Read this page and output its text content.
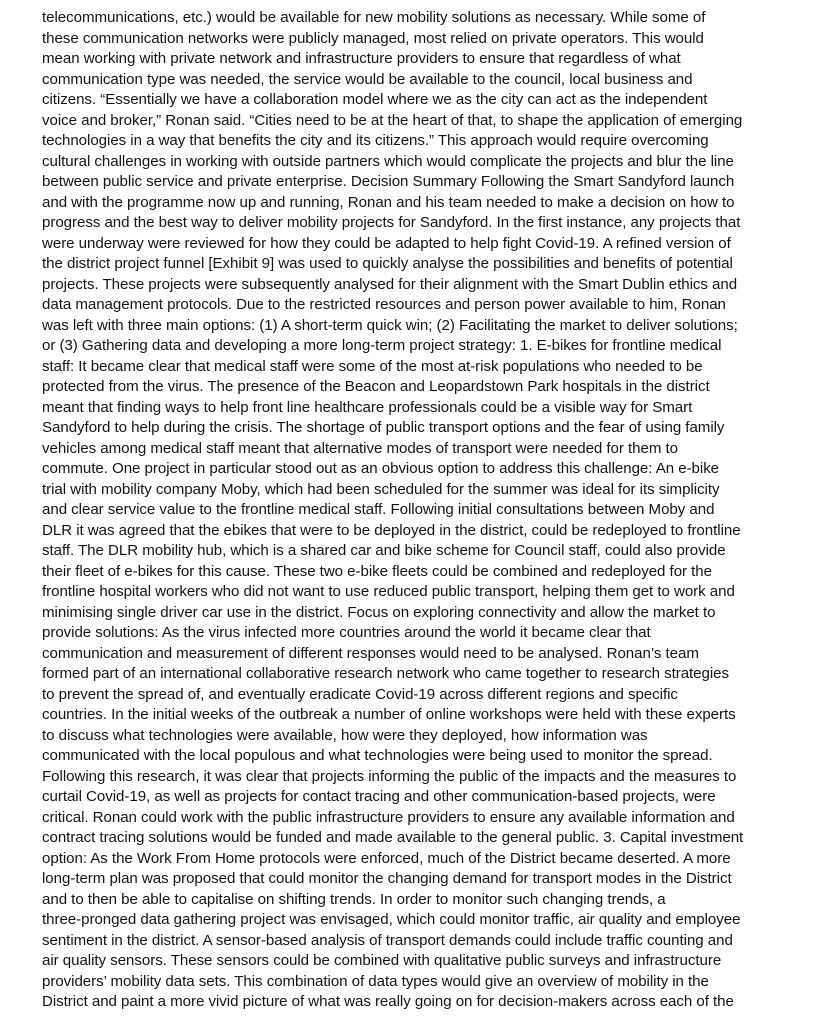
telecommunications, etc.) would be available for new mobility solutions as necessary. While some of
these communication networks were publicly managed, most relied on private operators. This would
mean working with private network and infrastructure providers to ensure that regardless of what
communication type was needed, the service would be available to the council, local business and
citizens. “Essentially we have a collaboration model where we as the city can act as the independent
voice and broker,” Ronan said. “Cities need to be at the heart of that, to shape the application of emerging
technologies in a way that benefits the city and its citizens.” This approach would require overcoming
cultural challenges in working with outside partners which would complicate the projects and blur the line
between public service and private enterprise. Decision Summary Following the Smart Sandyford launch
and with the programme now up and running, Ronan and his team needed to make a decision on how to
progress and the best way to deliver mobility projects for Sandyford. In the first instance, any projects that
were underway were reviewed for how they could be adapted to help fight Covid-19. A refined version of
the district project funnel [Exhibit 9] was used to quickly analyse the possibilities and benefits of potential
projects. These projects were subsequently analysed for their alignment with the Smart Dublin ethics and
data management protocols. Due to the restricted resources and person power available to him, Ronan
was left with three main options: (1) A short-term quick win; (2) Facilitating the market to deliver solutions;
or (3) Gathering data and developing a more long-term project strategy: 1. E-bikes for frontline medical
staff: It became clear that medical staff were some of the most at-risk populations who needed to be
protected from the virus. The presence of the Beacon and Leopardstown Park hospitals in the district
meant that finding ways to help front line healthcare professionals could be a visible way for Smart
Sandyford to help during the crisis. The shortage of public transport options and the fear of using family
vehicles among medical staff meant that alternative modes of transport were needed for them to
commute. One project in particular stood out as an obvious option to address this challenge: An e-bike
trial with mobility company Moby, which had been scheduled for the summer was ideal for its simplicity
and clear service value to the frontline medical staff. Following initial consultations between Moby and
DLR it was agreed that the ebikes that were to be deployed in the district, could be redeployed to frontline
staff. The DLR mobility hub, which is a shared car and bike scheme for Council staff, could also provide
their fleet of e-bikes for this cause. These two e-bike fleets could be combined and redeployed for the
frontline hospital workers who did not want to use reduced public transport, helping them get to work and
minimising single driver car use in the district. Focus on exploring connectivity and allow the market to
provide solutions: As the virus infected more countries around the world it became clear that
communication and measurement of different responses would need to be analysed. Ronan’s team
formed part of an international collaborative research network who came together to research strategies
to prevent the spread of, and eventually eradicate Covid-19 across different regions and specific
countries. In the initial weeks of the outbreak a number of online workshops were held with these experts
to discuss what technologies were available, how were they deployed, how information was
communicated with the local populous and what technologies were being used to monitor the spread.
Following this research, it was clear that projects informing the public of the impacts and the measures to
curtail Covid-19, as well as projects for contact tracing and other communication-based projects, were
critical. Ronan could work with the public infrastructure providers to ensure any available information and
contract tracing solutions would be funded and made available to the general public. 3. Capital investment
option: As the Work From Home protocols were enforced, much of the District became deserted. A more
long-term plan was proposed that could monitor the changing demand for transport modes in the District
and to then be able to capitalise on shifting trends. In order to monitor such changing trends, a
three-pronged data gathering project was envisaged, which could monitor traffic, air quality and employee
sentiment in the district. A sensor-based analysis of transport demands could include traffic counting and
air quality sensors. These sensors could be combined with qualitative public surveys and infrastructure
providers’ mobility data sets. This combination of data types would give an overview of mobility in the
District and paint a more vivid picture of what was really going on for decision-makers across each of the
